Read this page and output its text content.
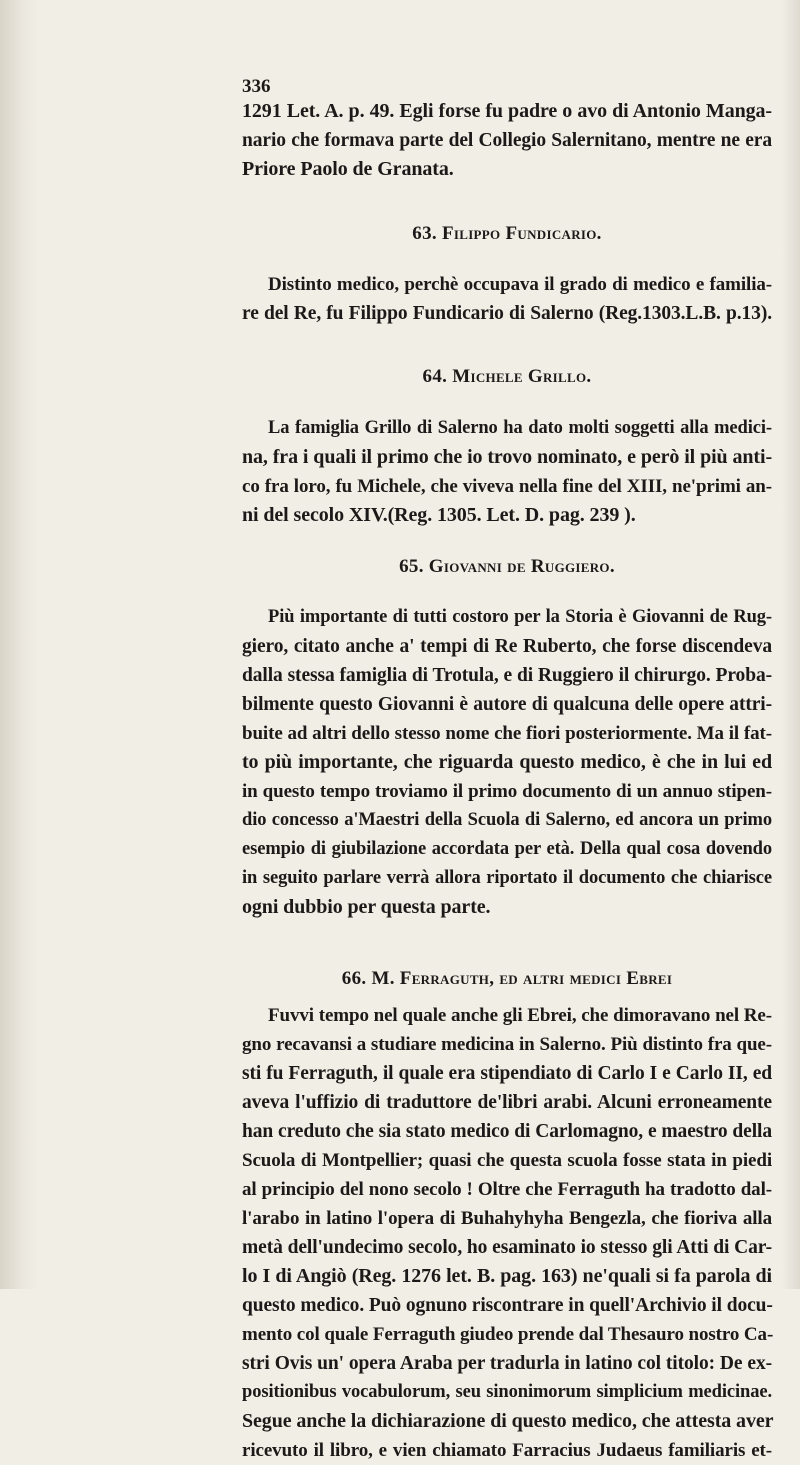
336
1291 Let. A. p. 49. Egli forse fu padre o avo di Antonio Manga-
nario che formava parte del Collegio Salernitano, mentre ne era
Priore Paolo de Granata.
63. Filippo Fundicario.
Distinto medico, perchè occupava il grado di medico e familia-
re del Re, fu Filippo Fundicario di Salerno (Reg.1303.L.B. p.13).
64. Michele Grillo.
La famiglia Grillo di Salerno ha dato molti soggetti alla medici-
na, fra i quali il primo che io trovo nominato, e però il più anti-
co fra loro, fu Michele, che viveva nella fine del XIII, ne'primi an-
ni del secolo XIV.(Reg. 1305. Let. D. pag. 239 ).
65. Giovanni de Ruggiero.
Più importante di tutti costoro per la Storia è Giovanni de Rug-
giero, citato anche a' tempi di Re Ruberto, che forse discendeva
dalla stessa famiglia di Trotula, e di Ruggiero il chirurgo. Proba-
bilmente questo Giovanni è autore di qualcuna delle opere attri-
buite ad altri dello stesso nome che fiori posteriormente. Ma il fat-
to più importante, che riguarda questo medico, è che in lui ed
in questo tempo troviamo il primo documento di un annuo stipen-
dio concesso a'Maestri della Scuola di Salerno, ed ancora un primo
esempio di giubilazione accordata per età. Della qual cosa dovendo
in seguito parlare verrà allora riportato il documento che chiarisce
ogni dubbio per questa parte.
66. M. Ferraguth, ed altri medici Ebrei
Fuvvi tempo nel quale anche gli Ebrei, che dimoravano nel Re-
gno recavansi a studiare medicina in Salerno. Più distinto fra que-
sti fu Ferraguth, il quale era stipendiato di Carlo I e Carlo II, ed
aveva l'uffizio di traduttore de'libri arabi. Alcuni erroneamente
han creduto che sia stato medico di Carlomagno, e maestro della
Scuola di Montpellier; quasi che questa scuola fosse stata in piedi
al principio del nono secolo ! Oltre che Ferraguth ha tradotto dal-
l'arabo in latino l'opera di Buhahyhyha Bengezla, che fioriva alla
metà dell'undecimo secolo, ho esaminato io stesso gli Atti di Car-
lo I di Angiò (Reg. 1276 let. B. pag. 163) ne'quali si fa parola di
questo medico. Può ognuno riscontrare in quell'Archivio il docu-
mento col quale Ferraguth giudeo prende dal Thesauro nostro Ca-
stri Ovis un' opera Araba per tradurla in latino col titolo: De ex-
positionibus vocabulorum, seu sinonimorum simplicium medicinae.
Segue anche la dichiarazione di questo medico, che attesta aver
ricevuto il libro, e vien chiamato Farracius Judaeus familiaris et-
